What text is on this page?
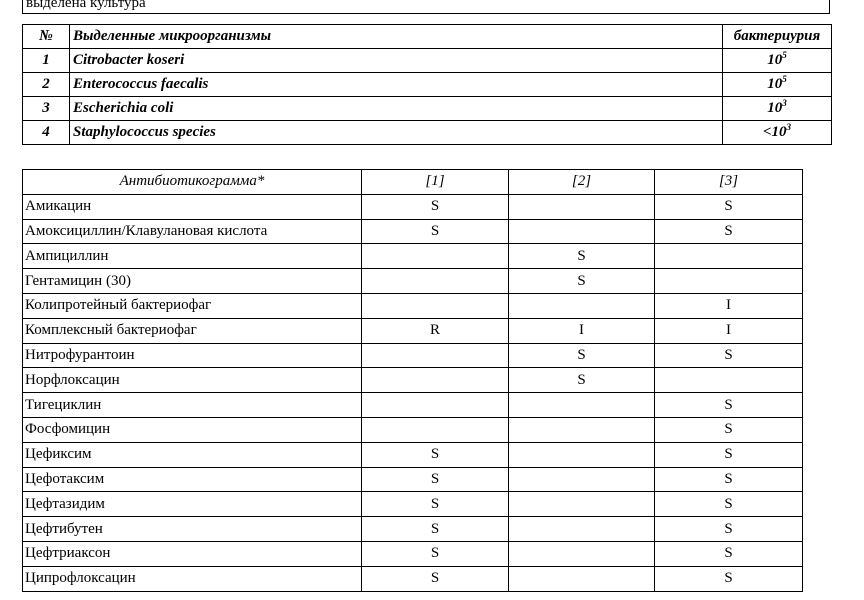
выделена культура
№	Выделенные микроорганизмы	бактериурия
1	Citrobacter koseri	$10^5$
2	Enterococcus faecalis	$10^5$
3	Escherichia coli	$10^3$
4	Staphylococcus species	$<10^3$
Антибиотикограмма*	[1]	[2]	[3]
Амикацин	S		S
Амоксициллин/Клавулановая кислота	S		S
Ампициллин		S	
Гентамицин (30)		S	
Колипротейный бактериофаг			I
Комплексный бактериофаг	R	I	I
Нитрофурантоин		S	S
Норфлоксацин		S	
Тигециклин			S
Фосфомицин			S
Цефиксим	S		S
Цефотаксим	S		S
Цефтазидим	S		S
Цефтибутен	S		S
Цефтриаксон	S		S
Ципрофлоксацин	S		S
